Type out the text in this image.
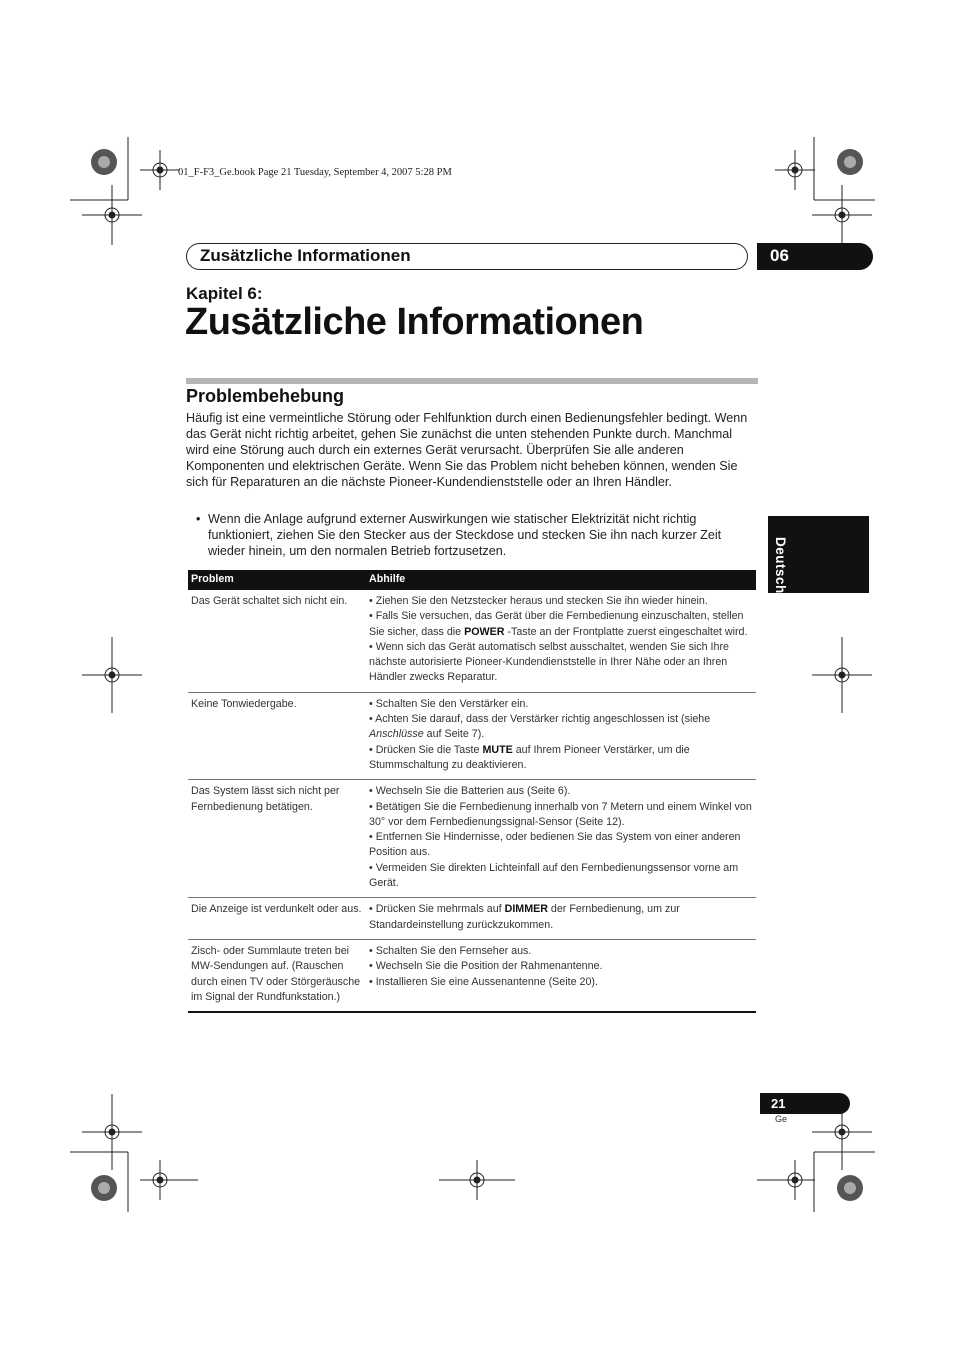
01_F-F3_Ge.book Page 21 Tuesday, September 4, 2007 5:28 PM
Zusätzliche Informationen	06
Kapitel 6:
Zusätzliche Informationen
Problembehebung

Häufig ist eine vermeintliche Störung oder Fehlfunktion durch einen Bedienungsfehler bedingt. Wenn das Gerät nicht richtig arbeitet, gehen Sie zunächst die unten stehenden Punkte durch. Manchmal wird eine Störung auch durch ein externes Gerät verursacht. Überprüfen Sie alle anderen Komponenten und elektrischen Geräte. Wenn Sie das Problem nicht beheben können, wenden Sie sich für Reparaturen an die nächste Pioneer-Kundendienststelle oder an Ihren Händler.

• Wenn die Anlage aufgrund externer Auswirkungen wie statischer Elektrizität nicht richtig funktioniert, ziehen Sie den Stecker aus der Steckdose und stecken Sie ihn nach kurzer Zeit wieder hinein, um den normalen Betrieb fortzusetzen.	Deutsch
Problem	Abhilfe
Das Gerät schaltet sich nicht ein.	• Ziehen Sie den Netzstecker heraus und stecken Sie ihn wieder hinein.
• Falls Sie versuchen, das Gerät über die Fernbedienung einzuschalten, stellen Sie sicher, dass die POWER -Taste an der Frontplatte zuerst eingeschaltet wird.
• Wenn sich das Gerät automatisch selbst ausschaltet, wenden Sie sich Ihre nächste autorisierte Pioneer-Kundendienststelle in Ihrer Nähe oder an Ihren Händler zwecks Reparatur.

Keine Tonwiedergabe.	• Schalten Sie den Verstärker ein.
• Achten Sie darauf, dass der Verstärker richtig angeschlossen ist (siehe Anschlüsse auf Seite 7).
• Drücken Sie die Taste MUTE auf Ihrem Pioneer Verstärker, um die Stummschaltung zu deaktivieren.

Das System lässt sich nicht per Fernbedienung betätigen.	• Wechseln Sie die Batterien aus (Seite 6).
• Betätigen Sie die Fernbedienung innerhalb von 7 Metern und einem Winkel von 30° vor dem Fernbedienungssignal-Sensor (Seite 12).
• Entfernen Sie Hindernisse, oder bedienen Sie das System von einer anderen Position aus.
• Vermeiden Sie direkten Lichteinfall auf den Fernbedienungssensor vorne am Gerät.

Die Anzeige ist verdunkelt oder aus.	• Drücken Sie mehrmals auf DIMMER der Fernbedienung, um zur Standardeinstellung zurückzukommen.

Zisch- oder Summlaute treten bei MW-Sendungen auf. (Rauschen durch einen TV oder Störgeräusche im Signal der Rundfunkstation.)	• Schalten Sie den Fernseher aus.
• Wechseln Sie die Position der Rahmenantenne.
• Installieren Sie eine Aussenantenne (Seite 20).
21
Ge
